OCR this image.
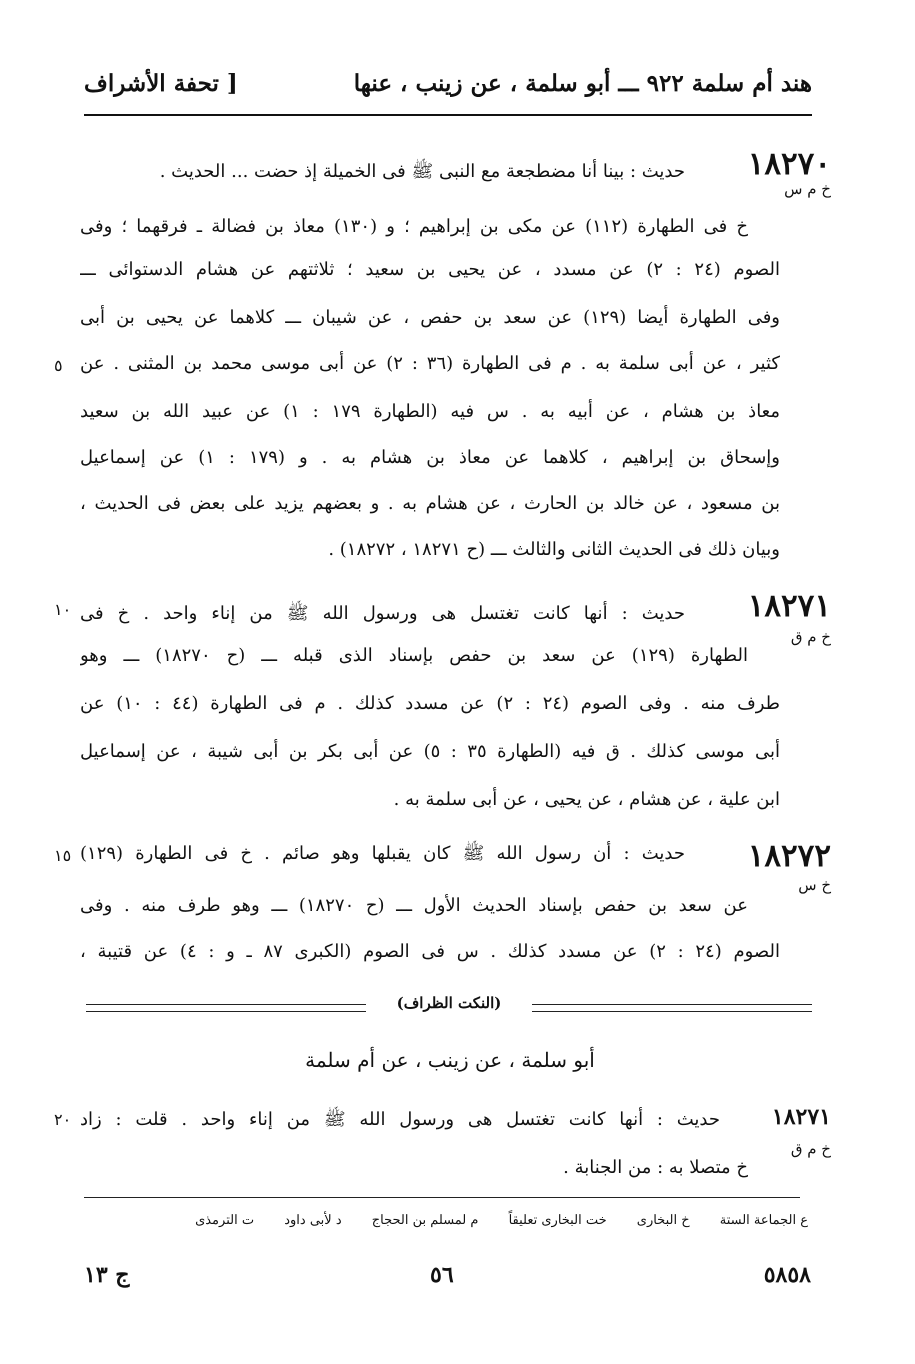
هند أم سلمة ٩٢٢ ـــ أبو سلمة ، عن زينب ، عنها
[ تحفة الأشراف
١٨٢٧٠
خ م س
حديث : بينا أنا مضطجعة مع النبى ﷺ فى الخميلة إذ حضت ... الحديث .
خ فى الطهارة (١١٢) عن مكى بن إبراهيم ؛ و (١٣٠) معاذ بن فضالة ـ فرقهما ؛ وفى
الصوم (٢٤ : ٢) عن مسدد ، عن يحيى بن سعيد ؛ ثلاثتهم عن هشام الدستوائى ـــ
وفى الطهارة أيضا (١٢٩) عن سعد بن حفص ، عن شيبان ـــ كلاهما عن يحيى بن أبى
كثير ، عن أبى سلمة به . م فى الطهارة (٣٦ : ٢) عن أبى موسى محمد بن المثنى . عن
معاذ بن هشام ، عن أبيه به . س فيه (الطهارة ١٧٩ : ١) عن عبيد الله بن سعيد
وإسحاق بن إبراهيم ، كلاهما عن معاذ بن هشام به . و (١٧٩ : ١) عن إسماعيل
بن مسعود ، عن خالد بن الحارث ، عن هشام به . و بعضهم يزيد على بعض فى الحديث ،
وبيان ذلك فى الحديث الثانى والثالث ـــ (ح ١٨٢٧١ ، ١٨٢٧٢) .
١٨٢٧١
خ م ق
حديث : أنها كانت تغتسل هى ورسول الله ﷺ من إناء واحد . خ فى
الطهارة (١٢٩) عن سعد بن حفص بإسناد الذى قبله ـــ (ح ١٨٢٧٠) ـــ وهو
طرف منه . وفى الصوم (٢٤ : ٢) عن مسدد كذلك . م فى الطهارة (٤٤ : ١٠) عن
أبى موسى كذلك . ق فيه (الطهارة ٣٥ : ٥) عن أبى بكر بن أبى شيبة ، عن إسماعيل
ابن علية ، عن هشام ، عن يحيى ، عن أبى سلمة به .
١٨٢٧٢
خ س
حديث : أن رسول الله ﷺ كان يقبلها وهو صائم . خ فى الطهارة (١٢٩)
عن سعد بن حفص بإسناد الحديث الأول ـــ (ح ١٨٢٧٠) ـــ وهو طرف منه . وفى
الصوم (٢٤ : ٢) عن مسدد كذلك . س فى الصوم (الكبرى ٨٧ ـ و : ٤) عن قتيبة ،
٥
١٠
١٥
٢٠
(النكت الظراف)
أبو سلمة ، عن زينب ، عن أم سلمة
١٨٢٧١
خ م ق
حديث : أنها كانت تغتسل هى ورسول الله ﷺ من إناء واحد . قلت : زاد
خ متصلا به : من الجنابة .
ع الجماعة الستة خ البخارى خت البخارى تعليقاً م لمسلم بن الحجاج د لأبى داود ت الترمذى
ج ١٣	٥٦	٥٨٥٨
